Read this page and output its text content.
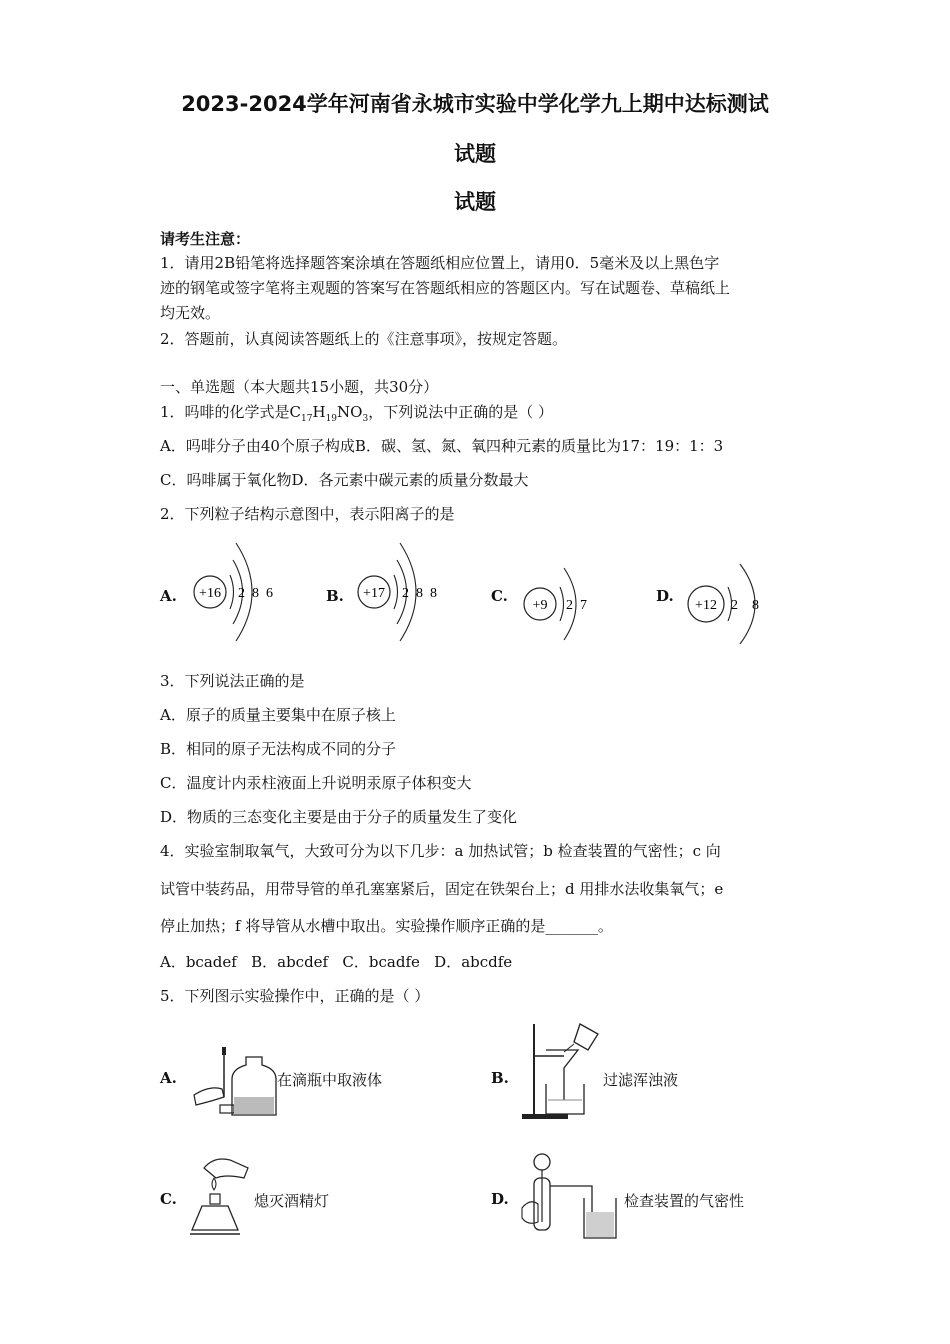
2023-2024学年河南省永城市实验中学化学九上期中达标测试
试题
试题
请考生注意：
1．请用2B铅笔将选择题答案涂填在答题纸相应位置上，请用0．5毫米及以上黑色字
迹的钢笔或签字笔将主观题的答案写在答题纸相应的答题区内。写在试题卷、草稿纸上
均无效。
2．答题前，认真阅读答题纸上的《注意事项》，按规定答题。
一、单选题（本大题共15小题，共30分）
1．吗啡的化学式是$C_{17}H_{19}NO_3$，下列说法中正确的是（ ）
A．吗啡分子由40个原子构成B．碳、氢、氮、氧四种元素的质量比为17：19：1：3
C．吗啡属于氧化物D．各元素中碳元素的质量分数最大
2．下列粒子结构示意图中，表示阳离子的是
A. +16 2 8 6	B. +17 2 8 8	C.
+9 2 7
D.
+12 2 8
3．下列说法正确的是
A．原子的质量主要集中在原子核上
B．相同的原子无法构成不同的分子
C．温度计内汞柱液面上升说明汞原子体积变大
D．物质的三态变化主要是由于分子的质量发生了变化
4．实验室制取氧气，大致可分为以下几步：a 加热试管；b 检查装置的气密性；c 向
试管中装药品，用带导管的单孔塞塞紧后，固定在铁架台上；d 用排水法收集氧气；e
停止加热；f 将导管从水槽中取出。实验操作顺序正确的是_______。
A．bcadef   B．abcdef   C．bcadfe   D．abcdfe
5．下列图示实验操作中，正确的是（ ）
A.	在滴瓶中取液体	B.	过滤浑浊液
C.	熄灭酒精灯	D.	检查装置的气密性
